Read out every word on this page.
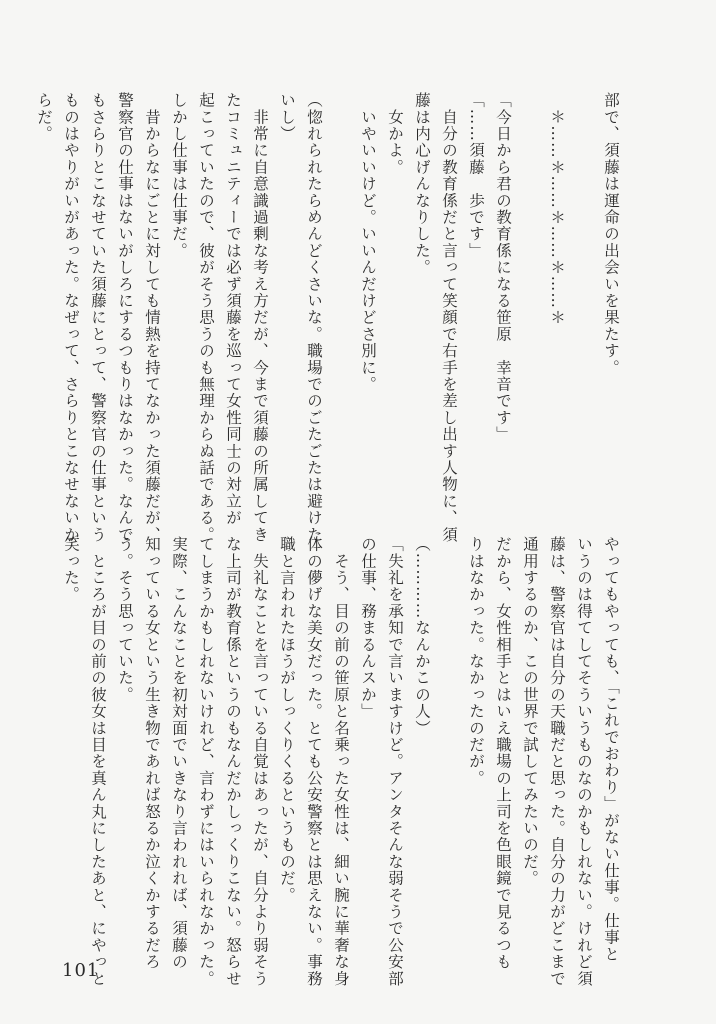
部で、須藤は運命の出会いを果たす。

　＊……＊……＊……＊……＊

「今日から君の教育係になる笹原　幸音です」
「……須藤　歩です」
　自分の教育係だと言って笑顔で右手を差し出す人物に、須
藤は内心げんなりした。
　女かよ。
　いやいいけど。いいんだけどさ別に。

（惚れられたらめんどくさいな。職場でのごたごたは避けた
いし）
　非常に自意識過剰な考え方だが、今まで須藤の所属してき
たコミュニティーでは必ず須藤を巡って女性同士の対立が
起こっていたので、彼がそう思うのも無理からぬ話である。
しかし仕事は仕事だ。
　昔からなにごとに対しても情熱を持てなかった須藤だが、
警察官の仕事はないがしろにするつもりはなかった。なんで
もさらりとこなせていた須藤にとって、警察官の仕事という
ものはやりがいがあった。なぜって、さらりとこなせないか
らだ。
やってもやっても、「これでおわり」がない仕事。仕事と
いうのは得てしてそういうものなのかもしれない。けれど須
藤は、警察官は自分の天職だと思った。自分の力がどこまで
通用するのか、この世界で試してみたいのだ。
だから、女性相手とはいえ職場の上司を色眼鏡で見るつも
りはなかった。なかったのだが。

（…………なんかこの人）
「失礼を承知で言いますけど。アンタそんな弱そうで公安部
の仕事、務まるんスか」
　そう、目の前の笹原と名乗った女性は、細い腕に華奢な身
体の儚げな美女だった。とても公安警察とは思えない。事務
職と言われたほうがしっくりくるというものだ。
　失礼なことを言っている自覚はあったが、自分より弱そう
な上司が教育係というのもなんだかしっくりこない。怒らせ
てしまうかもしれないけれど、言わずにはいられなかった。
実際、こんなことを初対面でいきなり言われれば、須藤の
知っている女という生き物であれば怒るか泣くかするだろ
う。そう思っていた。
　ところが目の前の彼女は目を真ん丸にしたあと、にやっと
笑った。
101
